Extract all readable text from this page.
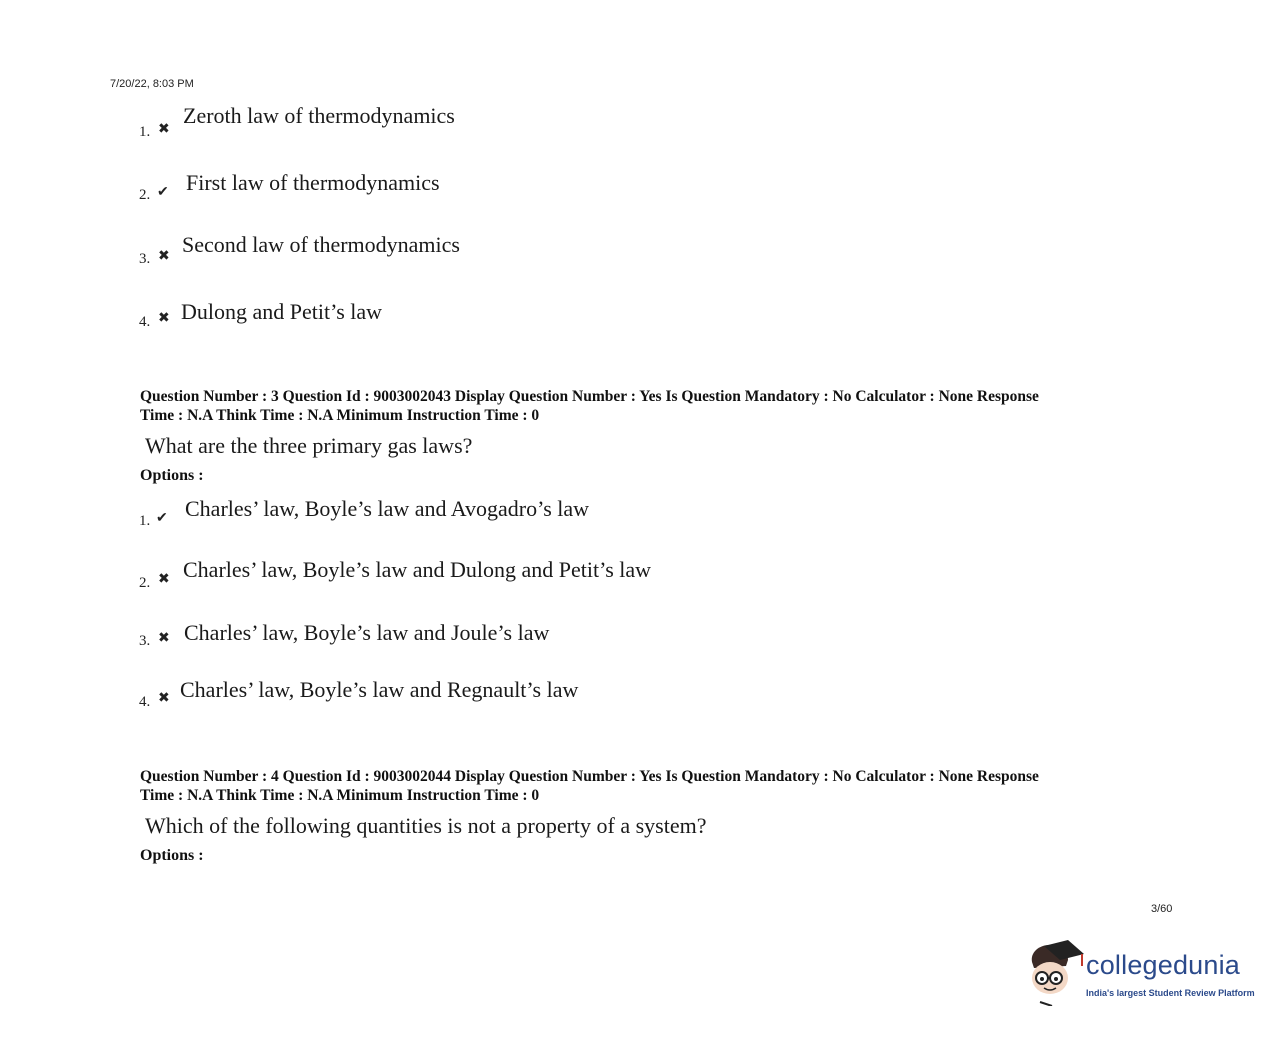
7/20/22, 8:03 PM
1. ✖
Zeroth law of thermodynamics
2. ✔ First law of thermodynamics
3. ✖ Second law of thermodynamics
4. ✖ Dulong and Petit’s law
Question Number : 3 Question Id : 9003002043 Display Question Number : Yes Is Question Mandatory : No Calculator : None Response
Time : N.A Think Time : N.A Minimum Instruction Time : 0
What are the three primary gas laws?
Options :
1. ✔ Charles’ law, Boyle’s law and Avogadro’s law
2. ✖ Charles’ law, Boyle’s law and Dulong and Petit’s law
3. ✖ Charles’ law, Boyle’s law and Joule’s law
4. ✖ Charles’ law, Boyle’s law and Regnault’s law
Question Number : 4 Question Id : 9003002044 Display Question Number : Yes Is Question Mandatory : No Calculator : None Response
Time : N.A Think Time : N.A Minimum Instruction Time : 0
Which of the following quantities is not a property of a system?
Options :
3/60
collegedunia
India's largest Student Review Platform
